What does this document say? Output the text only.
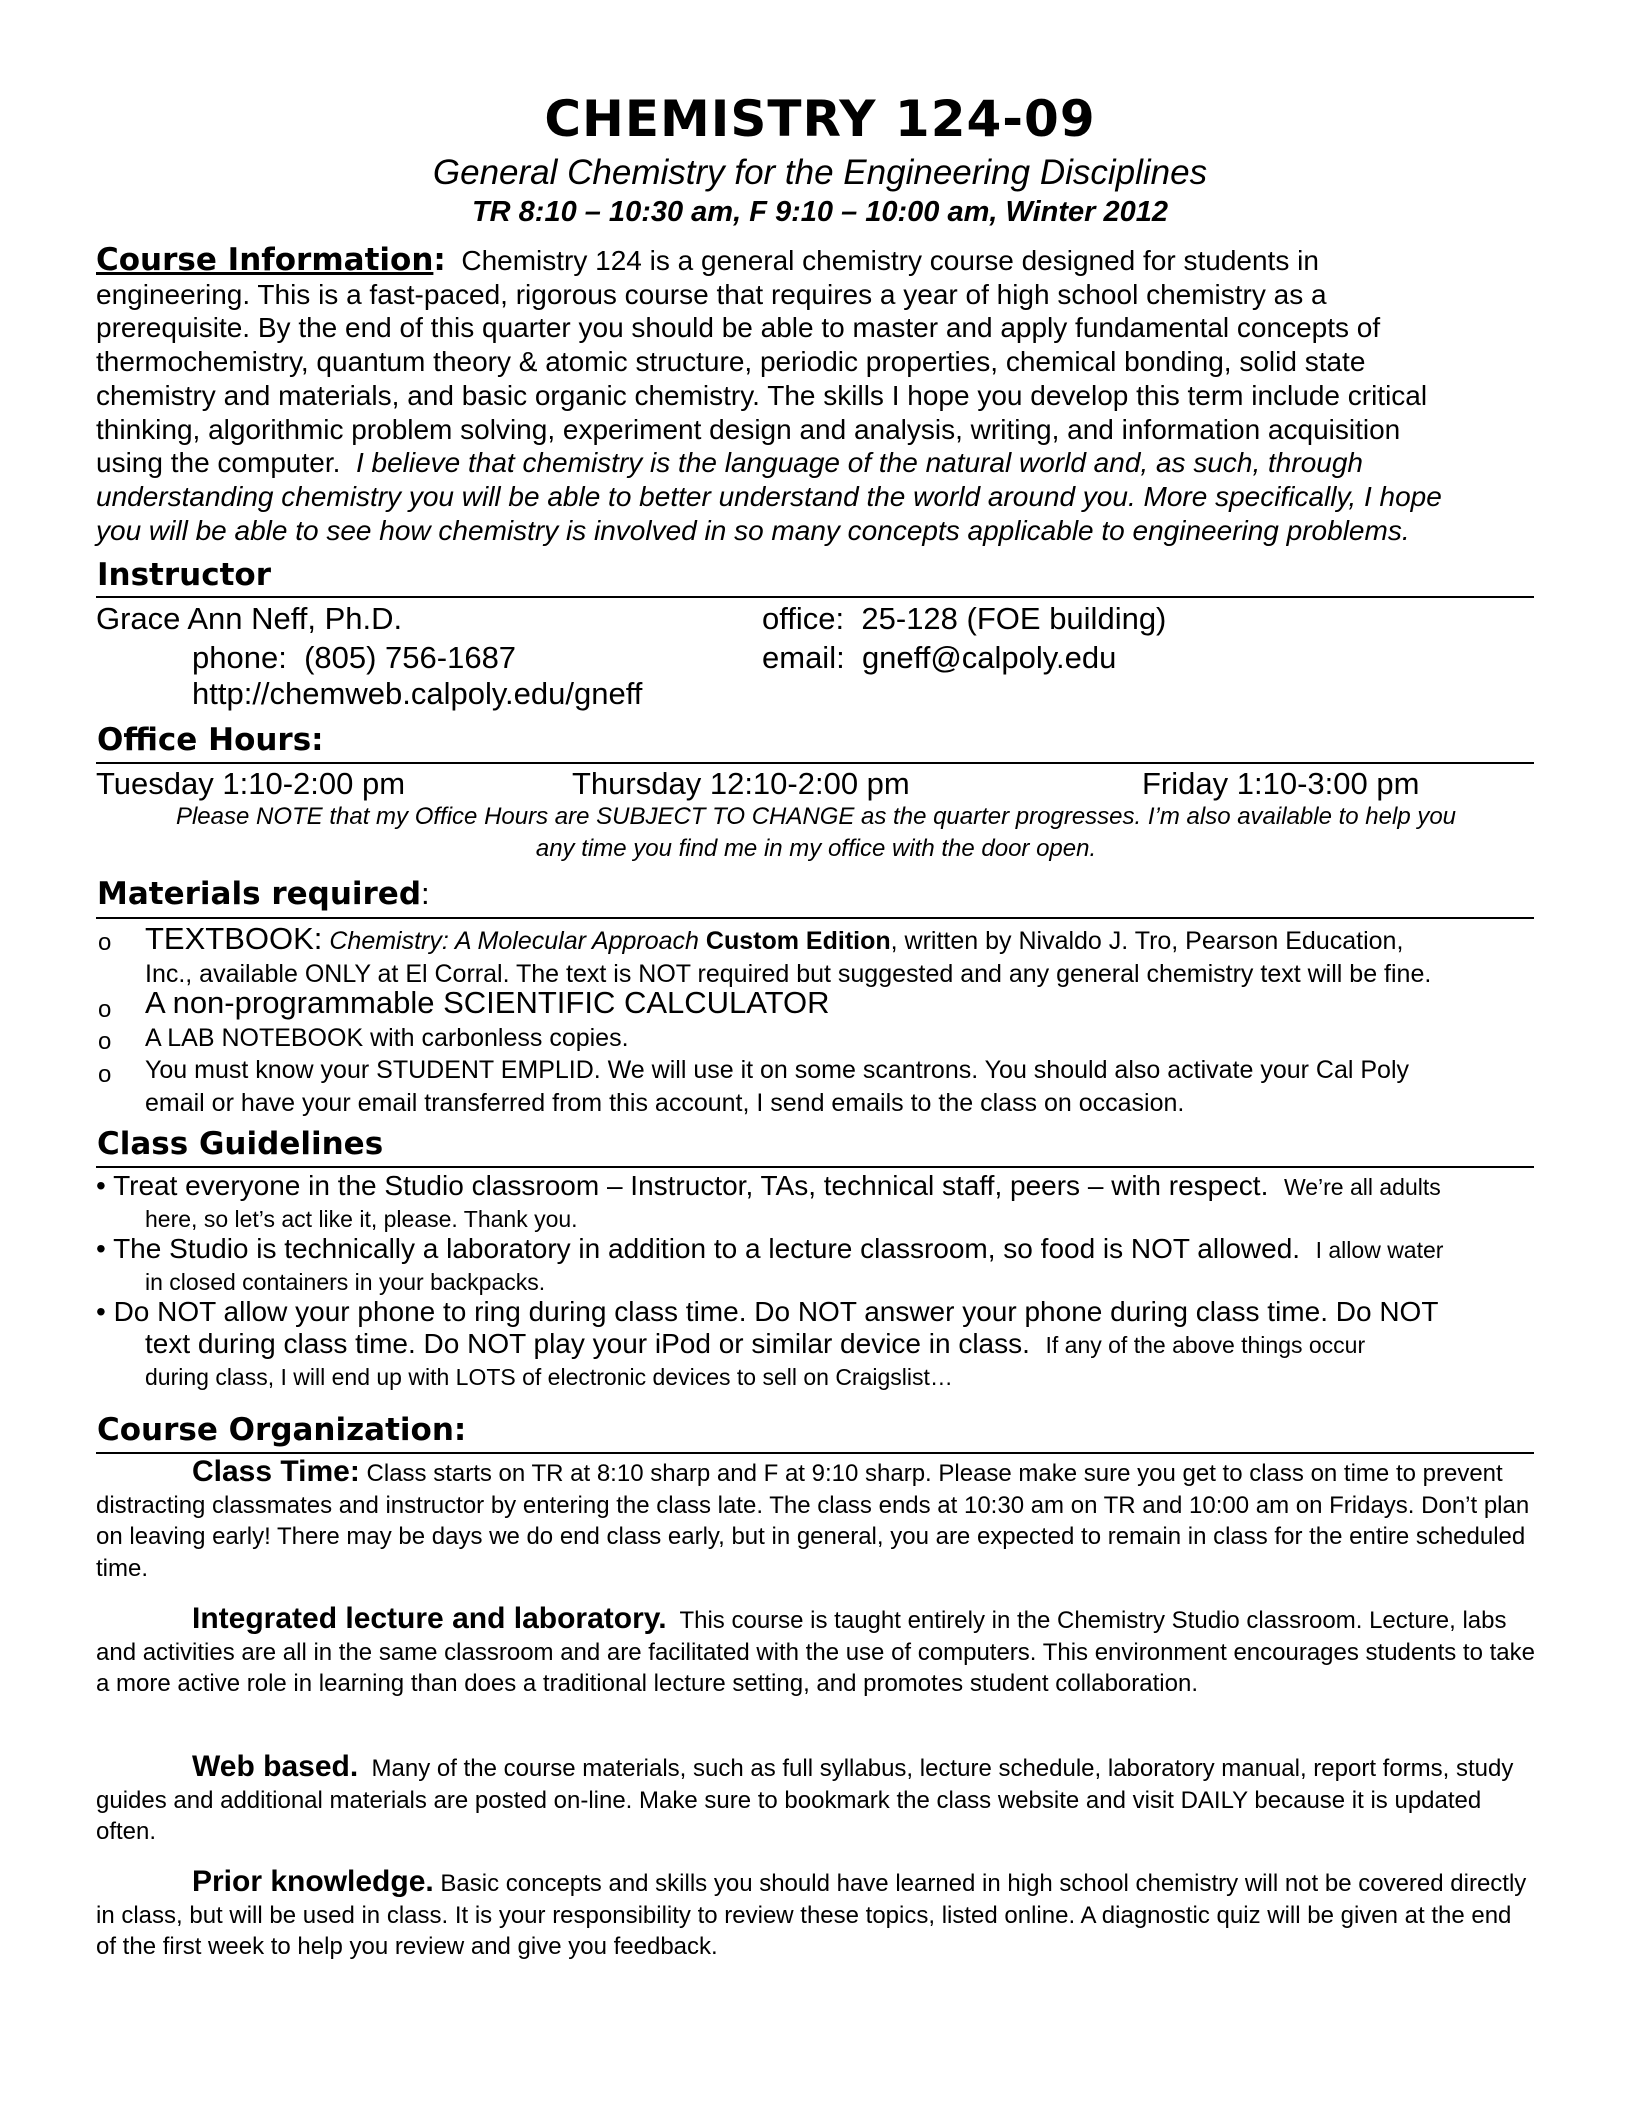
CHEMISTRY 124-09
General Chemistry for the Engineering Disciplines
TR 8:10 – 10:30 am, F 9:10 – 10:00 am, Winter 2012
Course Information: Chemistry 124 is a general chemistry course designed for students in
engineering. This is a fast-paced, rigorous course that requires a year of high school chemistry as a
prerequisite. By the end of this quarter you should be able to master and apply fundamental concepts of
thermochemistry, quantum theory & atomic structure, periodic properties, chemical bonding, solid state
chemistry and materials, and basic organic chemistry. The skills I hope you develop this term include critical
thinking, algorithmic problem solving, experiment design and analysis, writing, and information acquisition
using the computer. I believe that chemistry is the language of the natural world and, as such, through
understanding chemistry you will be able to better understand the world around you. More specifically, I hope
you will be able to see how chemistry is involved in so many concepts applicable to engineering problems.
Instructor
Grace Ann Neff, Ph.D.
phone: (805) 756-1687
http://chemweb.calpoly.edu/gneff
office: 25-128 (FOE building)
email: gneff@calpoly.edu
Office Hours:
Tuesday 1:10-2:00 pm	Thursday 12:10-2:00 pm	Friday 1:10-3:00 pm
Please NOTE that my Office Hours are SUBJECT TO CHANGE as the quarter progresses. I’m also available to help you
any time you find me in my office with the door open.
Materials required:
o TEXTBOOK: Chemistry: A Molecular Approach Custom Edition, written by Nivaldo J. Tro, Pearson Education,
Inc., available ONLY at El Corral. The text is NOT required but suggested and any general chemistry text will be fine.
o A non-programmable SCIENTIFIC CALCULATOR
o A LAB NOTEBOOK with carbonless copies.
o You must know your STUDENT EMPLID. We will use it on some scantrons. You should also activate your Cal Poly
email or have your email transferred from this account, I send emails to the class on occasion.
Class Guidelines
• Treat everyone in the Studio classroom – Instructor, TAs, technical staff, peers – with respect. We’re all adults
here, so let’s act like it, please. Thank you.
• The Studio is technically a laboratory in addition to a lecture classroom, so food is NOT allowed. I allow water
in closed containers in your backpacks.
• Do NOT allow your phone to ring during class time. Do NOT answer your phone during class time. Do NOT
text during class time. Do NOT play your iPod or similar device in class. If any of the above things occur
during class, I will end up with LOTS of electronic devices to sell on Craigslist…
Course Organization:
Class Time: Class starts on TR at 8:10 sharp and F at 9:10 sharp. Please make sure you get to class on time to prevent distracting classmates and instructor by entering the class late. The class ends at 10:30 am on TR and 10:00 am on Fridays. Don’t plan on leaving early! There may be days we do end class early, but in general, you are expected to remain in class for the entire scheduled time.
Integrated lecture and laboratory. This course is taught entirely in the Chemistry Studio classroom. Lecture, labs and activities are all in the same classroom and are facilitated with the use of computers. This environment encourages students to take a more active role in learning than does a traditional lecture setting, and promotes student collaboration.
Web based. Many of the course materials, such as full syllabus, lecture schedule, laboratory manual, report forms, study guides and additional materials are posted on-line. Make sure to bookmark the class website and visit DAILY because it is updated often.
Prior knowledge. Basic concepts and skills you should have learned in high school chemistry will not be covered directly in class, but will be used in class. It is your responsibility to review these topics, listed online. A diagnostic quiz will be given at the end of the first week to help you review and give you feedback.
